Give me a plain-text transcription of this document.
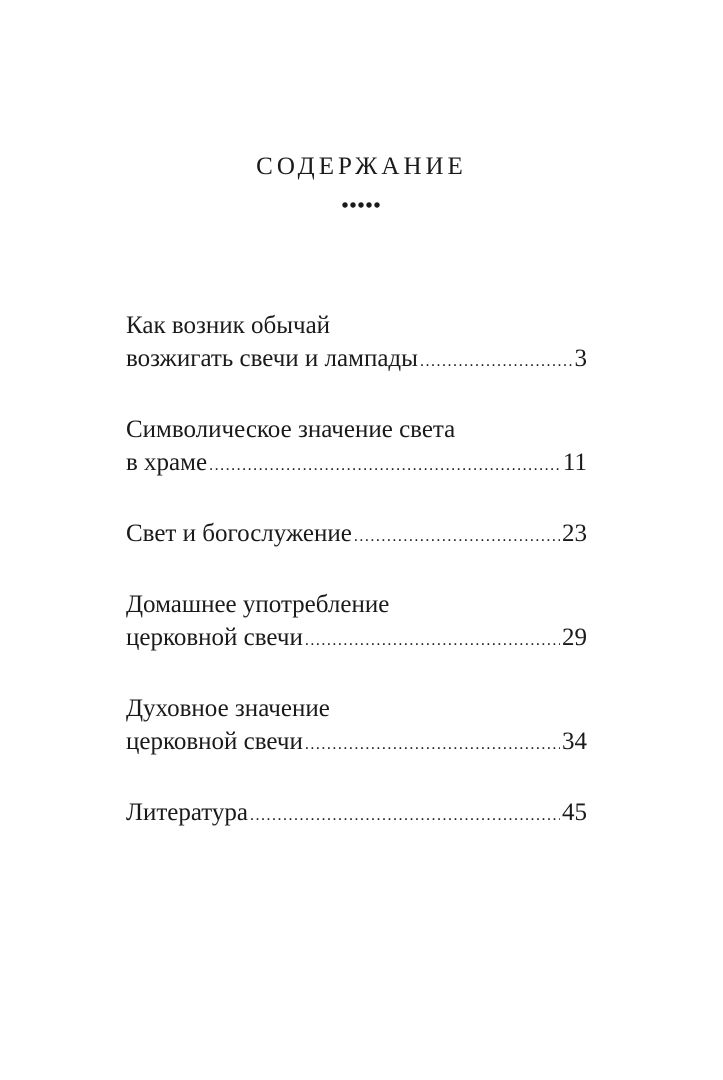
СОДЕРЖАНИЕ
•••••
Как возник обычай
возжигать свечи и лампады .....	3
Символическое значение света
в храме .....	11
Свет и богослужение .....	23
Домашнее употребление
церковной свечи .....	29
Духовное значение
церковной свечи .....	34
Литература .....	45
